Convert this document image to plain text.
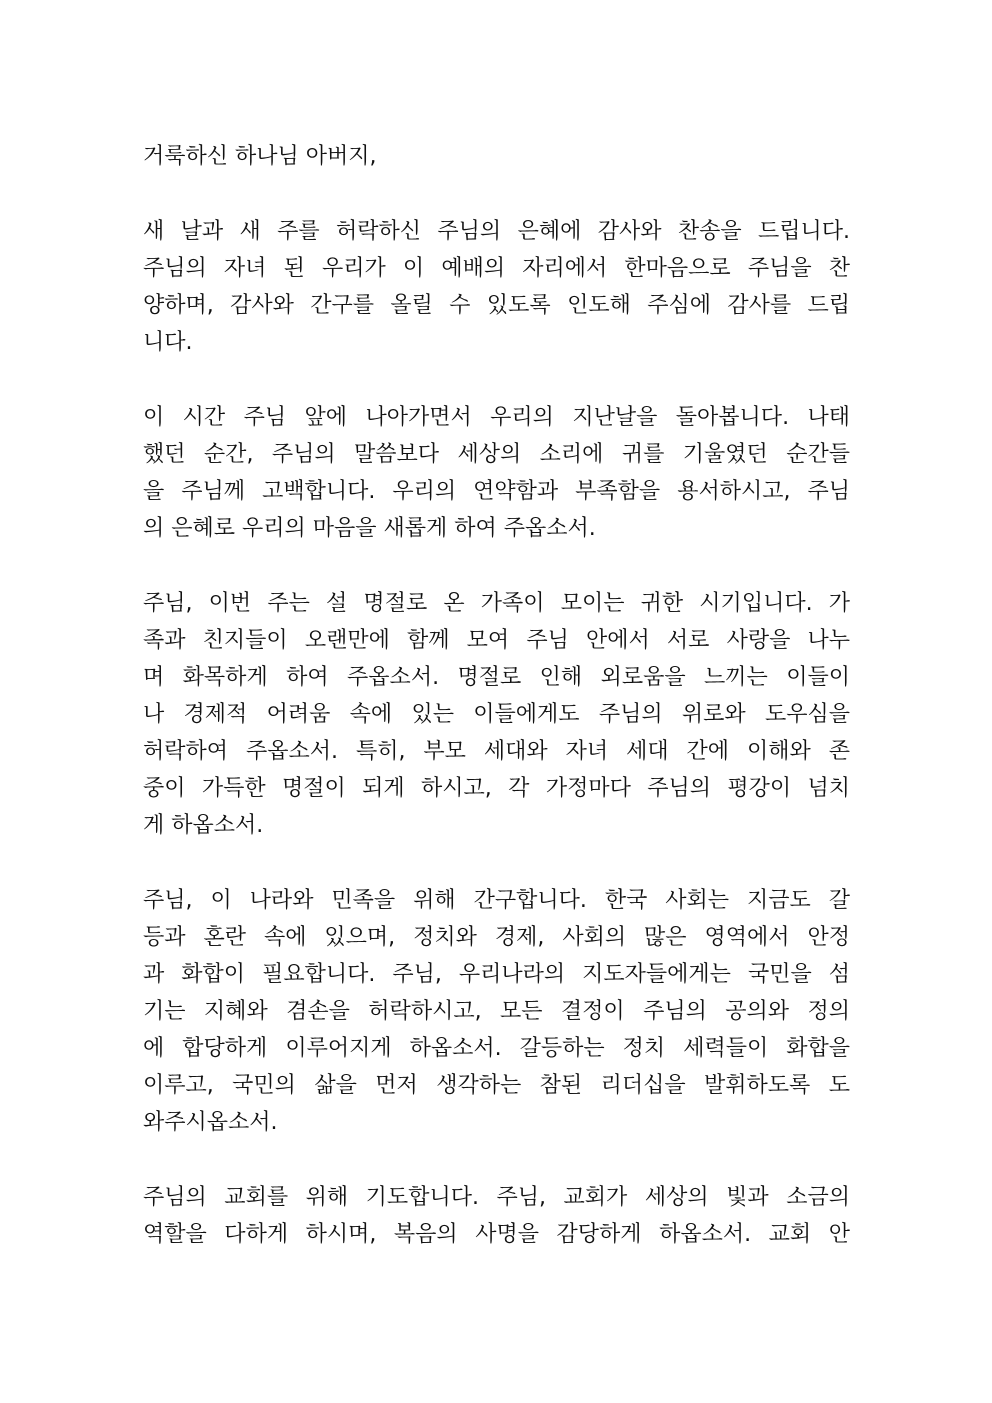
거룩하신 하나님 아버지,
새 날과 새 주를 허락하신 주님의 은혜에 감사와 찬송을 드립니다.
주님의 자녀 된 우리가 이 예배의 자리에서 한마음으로 주님을 찬
양하며, 감사와 간구를 올릴 수 있도록 인도해 주심에 감사를 드립
니다.
이 시간 주님 앞에 나아가면서 우리의 지난날을 돌아봅니다. 나태
했던 순간, 주님의 말씀보다 세상의 소리에 귀를 기울였던 순간들
을 주님께 고백합니다. 우리의 연약함과 부족함을 용서하시고, 주님
의 은혜로 우리의 마음을 새롭게 하여 주옵소서.
주님, 이번 주는 설 명절로 온 가족이 모이는 귀한 시기입니다. 가
족과 친지들이 오랜만에 함께 모여 주님 안에서 서로 사랑을 나누
며 화목하게 하여 주옵소서. 명절로 인해 외로움을 느끼는 이들이
나 경제적 어려움 속에 있는 이들에게도 주님의 위로와 도우심을
허락하여 주옵소서. 특히, 부모 세대와 자녀 세대 간에 이해와 존
중이 가득한 명절이 되게 하시고, 각 가정마다 주님의 평강이 넘치
게 하옵소서.
주님, 이 나라와 민족을 위해 간구합니다. 한국 사회는 지금도 갈
등과 혼란 속에 있으며, 정치와 경제, 사회의 많은 영역에서 안정
과 화합이 필요합니다. 주님, 우리나라의 지도자들에게는 국민을 섬
기는 지혜와 겸손을 허락하시고, 모든 결정이 주님의 공의와 정의
에 합당하게 이루어지게 하옵소서. 갈등하는 정치 세력들이 화합을
이루고, 국민의 삶을 먼저 생각하는 참된 리더십을 발휘하도록 도
와주시옵소서.
주님의 교회를 위해 기도합니다. 주님, 교회가 세상의 빛과 소금의
역할을 다하게 하시며, 복음의 사명을 감당하게 하옵소서. 교회 안
